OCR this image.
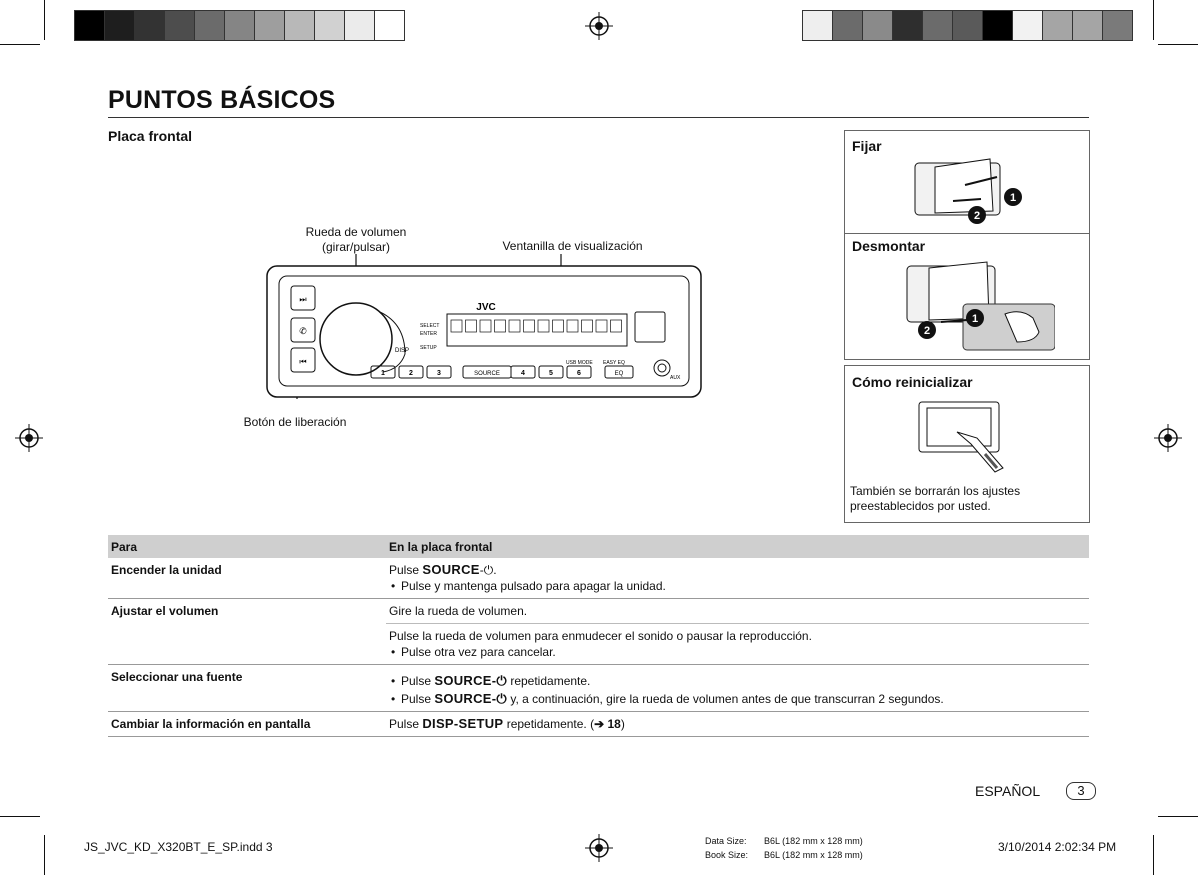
PUNTOS BÁSICOS
Placa frontal
Rueda de volumen
(girar/pulsar)	Ventanilla de visualización
Botón de liberación
⏭
✆
⏮
DISP
SELECT
ENTER
SETUP
JVC
USB MODE EASY EQ
1	2	3	4	5	6
SOURCE	EQ
AUX
Fijar
1
2
Desmontar
1
2
Cómo reinicializar
También se borrarán los ajustes
preestablecidos por usted.
Para	En la placa frontal
Encender la unidad	Pulse SOURCE-⏻.
• Pulse y mantenga pulsado para apagar la unidad.

Ajustar el volumen	Gire la rueda de volumen.
	Pulse la rueda de volumen para enmudecer el sonido o pausar la reproducción.
• Pulse otra vez para cancelar.

Seleccionar una fuente	• Pulse SOURCE-⏻ repetidamente.
• Pulse SOURCE-⏻ y, a continuación, gire la rueda de volumen antes de que transcurran 2 segundos.

Cambiar la información en pantalla	Pulse DISP-SETUP repetidamente. (➔ 18)
ESPAÑOL	3
JS_JVC_KD_X320BT_E_SP.indd 3	Data Size:
Book Size:
B6L (182 mm x 128 mm)
B6L (182 mm x 128 mm)
3/10/2014 2:02:34 PM
